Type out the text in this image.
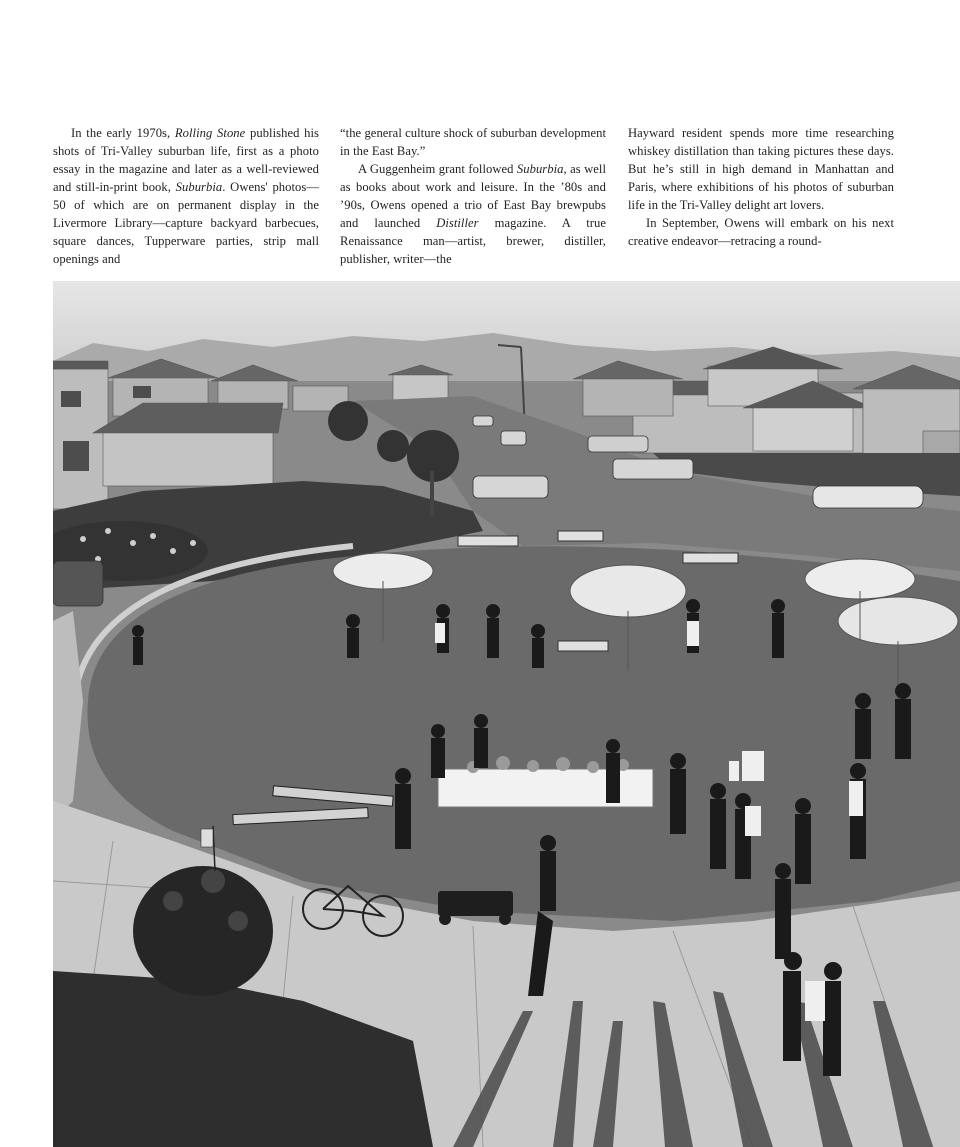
In the early 1970s, Rolling Stone published his shots of Tri-Valley suburban life, first as a photo essay in the magazine and later as a well-reviewed and still-in-print book, Suburbia. Owens' photos—50 of which are on permanent display in the Livermore Library—capture backyard barbecues, square dances, Tupperware parties, strip mall openings and

“the general culture shock of suburban development in the East Bay.”

A Guggenheim grant followed Suburbia, as well as books about work and leisure. In the ’80s and ’90s, Owens opened a trio of East Bay brewpubs and launched Distiller magazine. A true Renaissance man—artist, brewer, distiller, publisher, writer—the

Hayward resident spends more time researching whiskey distillation than taking pictures these days. But he’s still in high demand in Manhattan and Paris, where exhibitions of his photos of suburban life in the Tri-Valley delight art lovers.

In September, Owens will embark on his next creative endeavor—retracing a round-
